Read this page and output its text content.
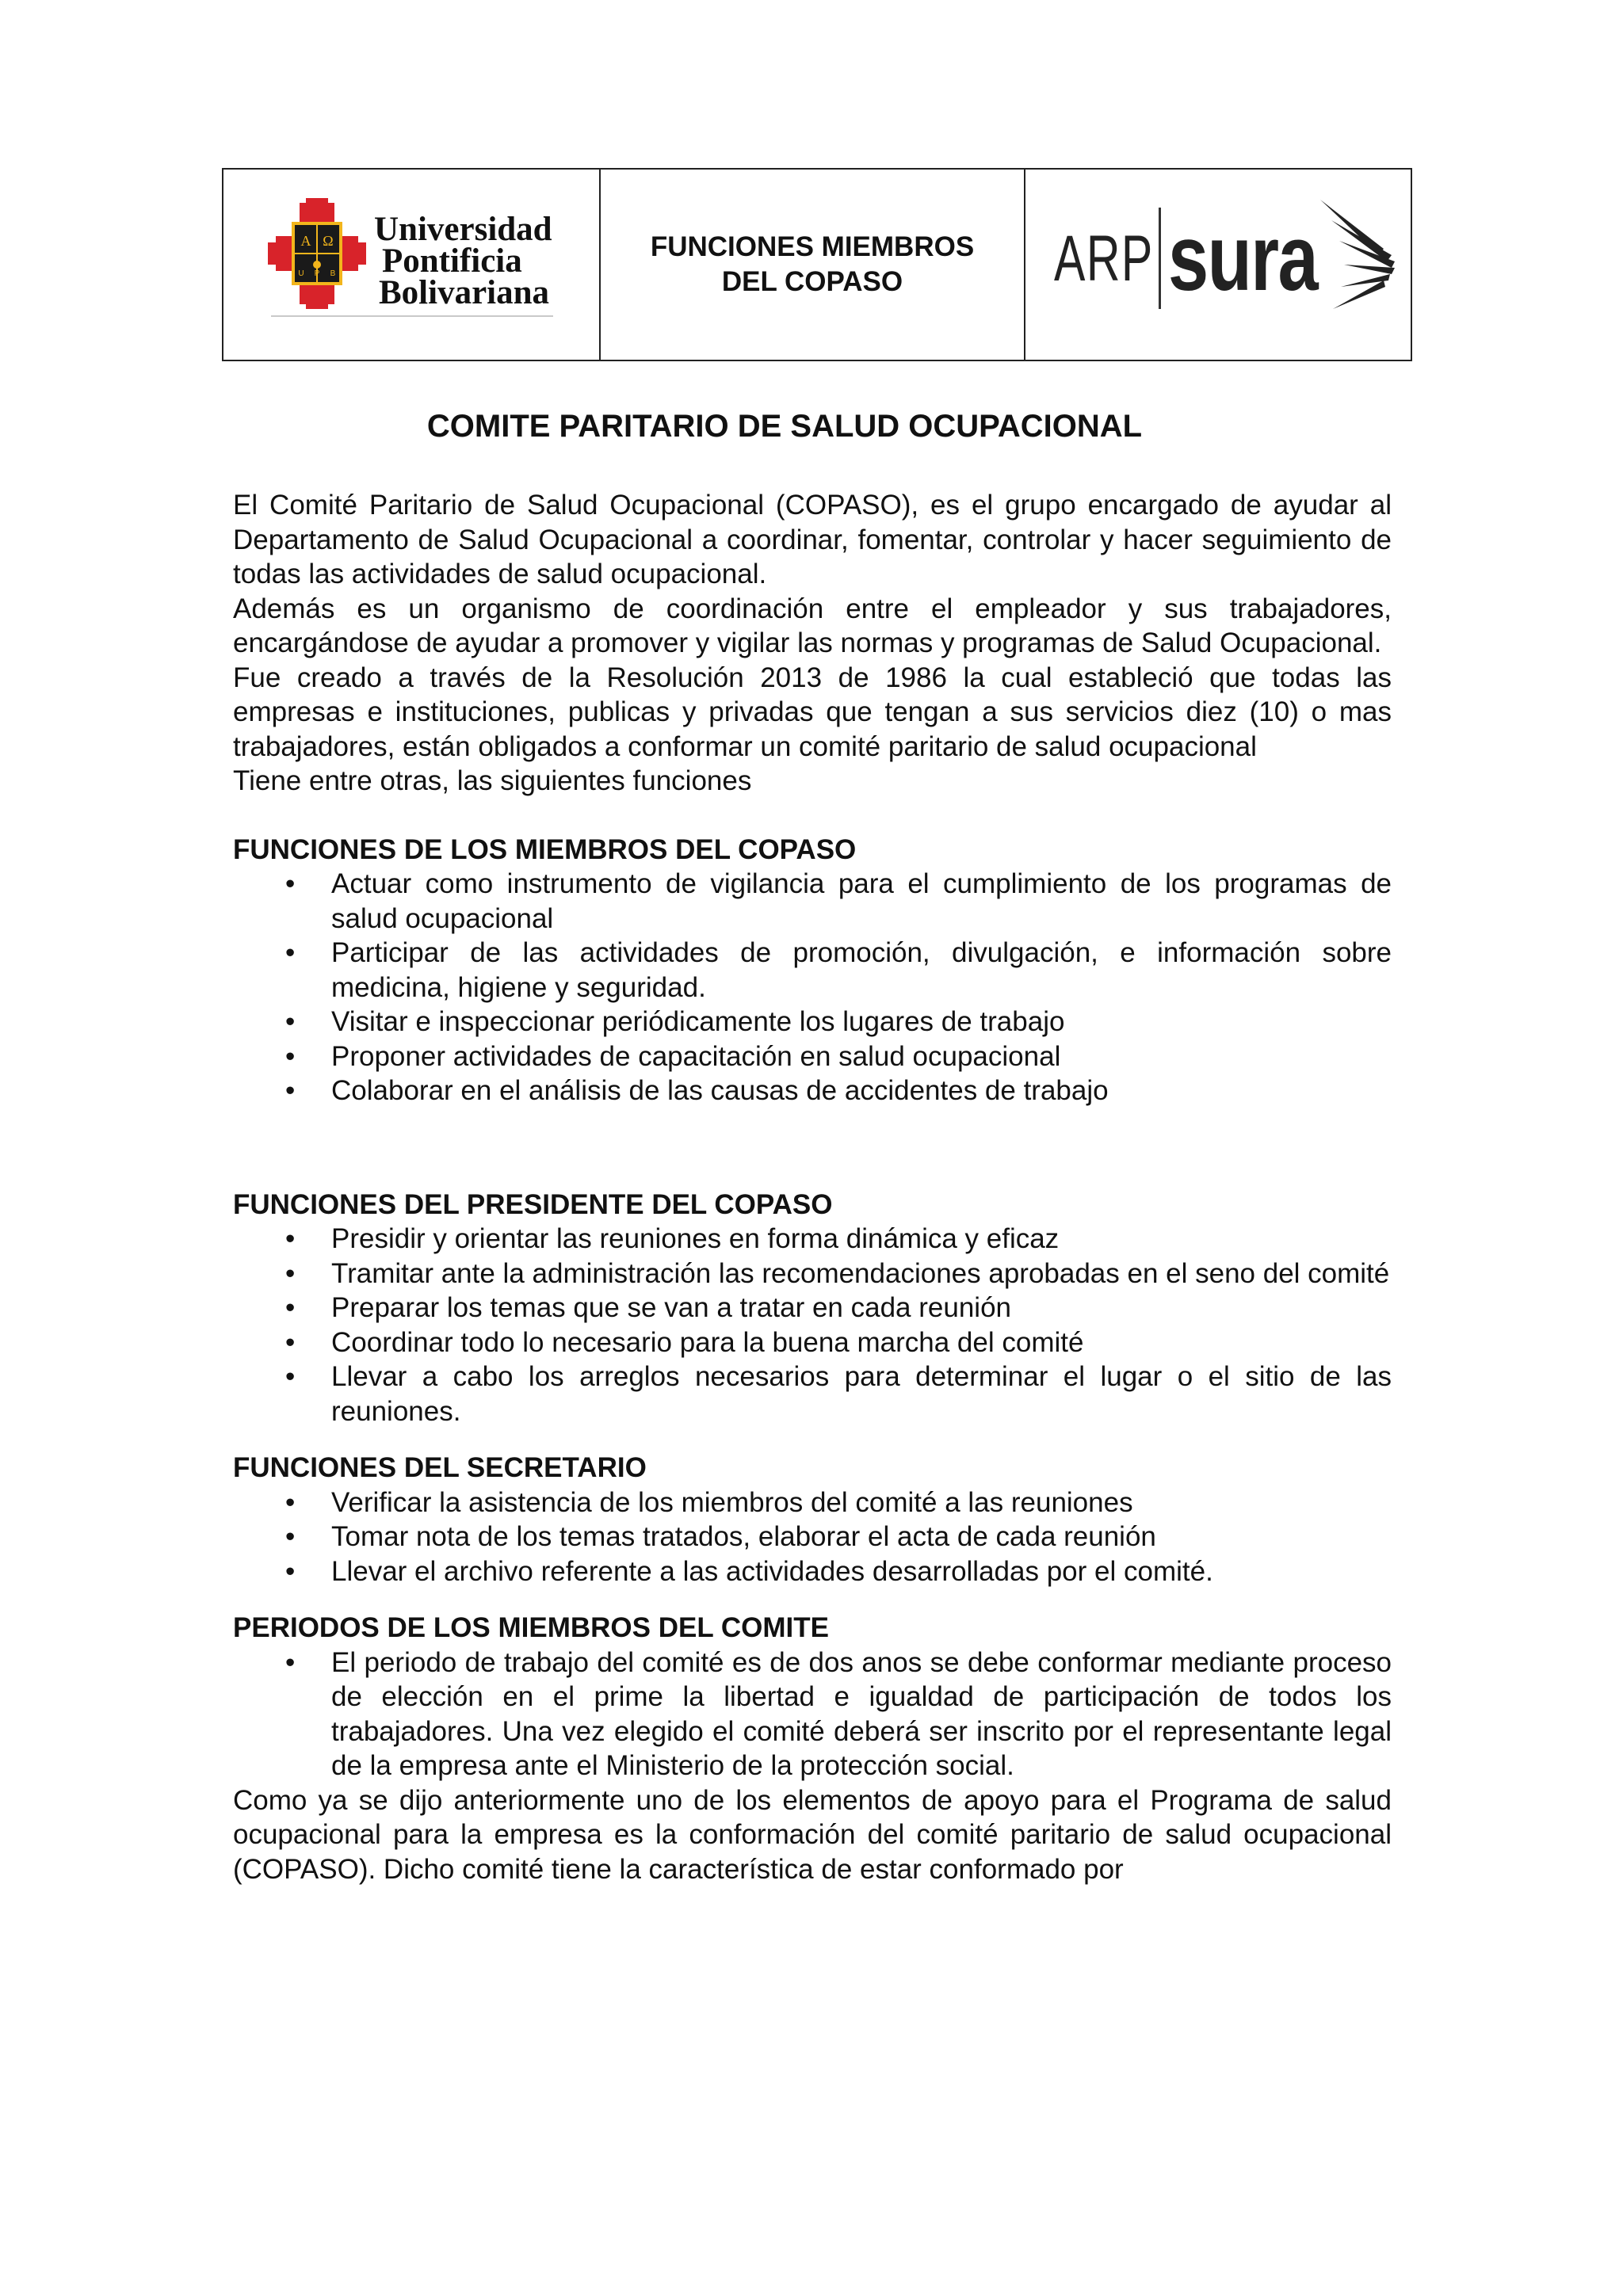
A Ω
U P B
Universidad
Pontificia
Bolivariana
FUNCIONES MIEMBROS
DEL COPASO	ARP sura
COMITE PARITARIO DE SALUD OCUPACIONAL

El Comité Paritario de Salud Ocupacional (COPASO), es el grupo encargado de ayudar al Departamento de Salud Ocupacional a coordinar, fomentar, controlar y hacer seguimiento de todas las actividades de salud ocupacional.

Además es un organismo de coordinación entre el empleador y sus trabajadores, encargándose de ayudar a promover y vigilar las normas y programas de Salud Ocupacional.

Fue creado a través de la Resolución 2013 de 1986 la cual estableció que todas las empresas e instituciones, publicas y privadas que tengan a sus servicios diez (10) o mas trabajadores, están obligados a conformar un comité paritario de salud ocupacional

Tiene entre otras, las siguientes funciones

FUNCIONES DE LOS MIEMBROS DEL COPASO
• Actuar como instrumento de vigilancia para el cumplimiento de los programas de salud ocupacional
• Participar de las actividades de promoción, divulgación, e información sobre medicina, higiene y seguridad.
• Visitar e inspeccionar periódicamente los lugares de trabajo
• Proponer actividades de capacitación en salud ocupacional
• Colaborar en el análisis de las causas de accidentes de trabajo
FUNCIONES DEL PRESIDENTE DEL COPASO
• Presidir y orientar las reuniones en forma dinámica y eficaz
• Tramitar ante la administración las recomendaciones aprobadas en el seno del comité
• Preparar los temas que se van a tratar en cada reunión
• Coordinar todo lo necesario para la buena marcha del comité
• Llevar a cabo los arreglos necesarios para determinar el lugar o el sitio de las reuniones.
FUNCIONES DEL SECRETARIO
• Verificar la asistencia de los miembros del comité a las reuniones
• Tomar nota de los temas tratados, elaborar el acta de cada reunión
• Llevar el archivo referente a las actividades desarrolladas por el comité.
PERIODOS DE LOS MIEMBROS DEL COMITE
• El periodo de trabajo del comité es de dos anos se debe conformar mediante proceso de elección en el prime la libertad e igualdad de participación de todos los trabajadores. Una vez elegido el comité deberá ser inscrito por el representante legal de la empresa ante el Ministerio de la protección social.

Como ya se dijo anteriormente uno de los elementos de apoyo para el Programa de salud ocupacional para la empresa es la conformación del comité paritario de salud ocupacional (COPASO). Dicho comité tiene la característica de estar conformado por
